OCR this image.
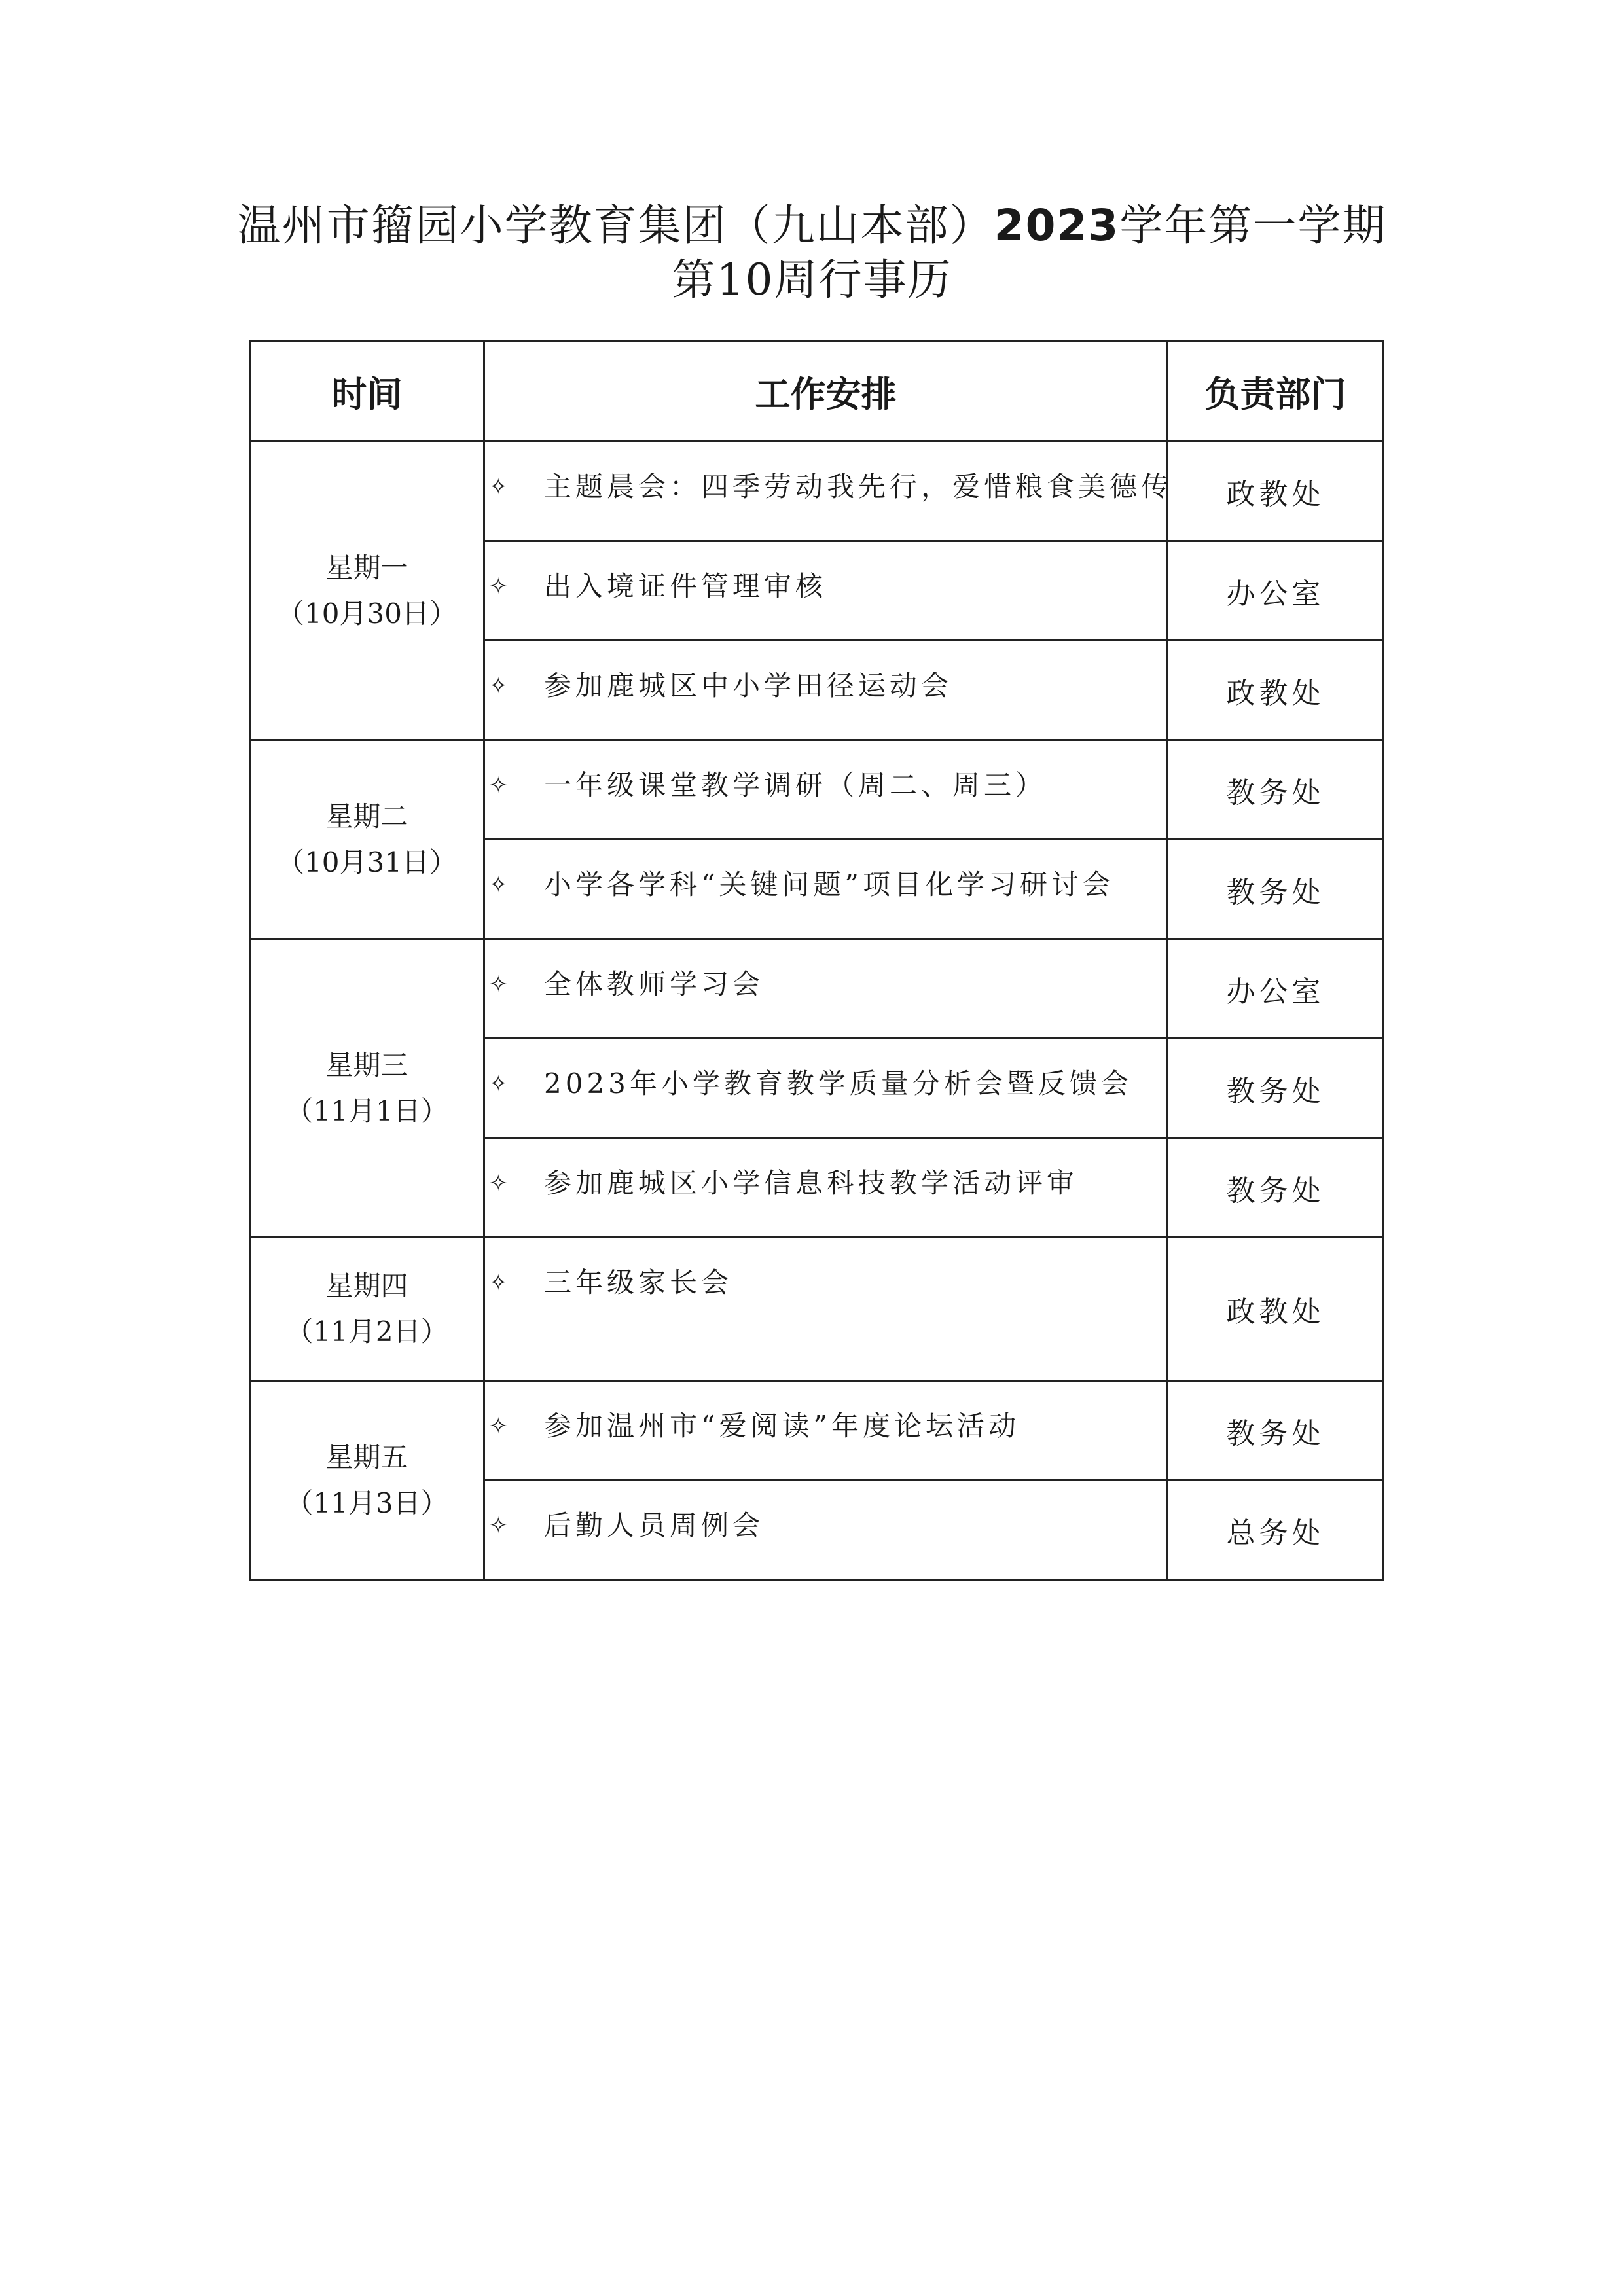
温州市籀园小学教育集团（九山本部）2023学年第一学期
第10周行事历
时间	工作安排	负责部门

星期一
（10月30日）	✧ 主题晨会：四季劳动我先行，爱惜粮食美德传	政教处

	✧ 出入境证件管理审核	办公室

	✧ 参加鹿城区中小学田径运动会	政教处

星期二
（10月31日）	✧ 一年级课堂教学调研（周二、周三）	教务处

	✧ 小学各学科“关键问题”项目化学习研讨会	教务处

星期三
（11月1日）	✧ 全体教师学习会	办公室

	✧ 2023年小学教育教学质量分析会暨反馈会	教务处

	✧ 参加鹿城区小学信息科技教学活动评审	教务处

星期四
（11月2日）	✧ 三年级家长会	政教处

星期五
（11月3日）	✧ 参加温州市“爱阅读”年度论坛活动	教务处

	✧ 后勤人员周例会	总务处
